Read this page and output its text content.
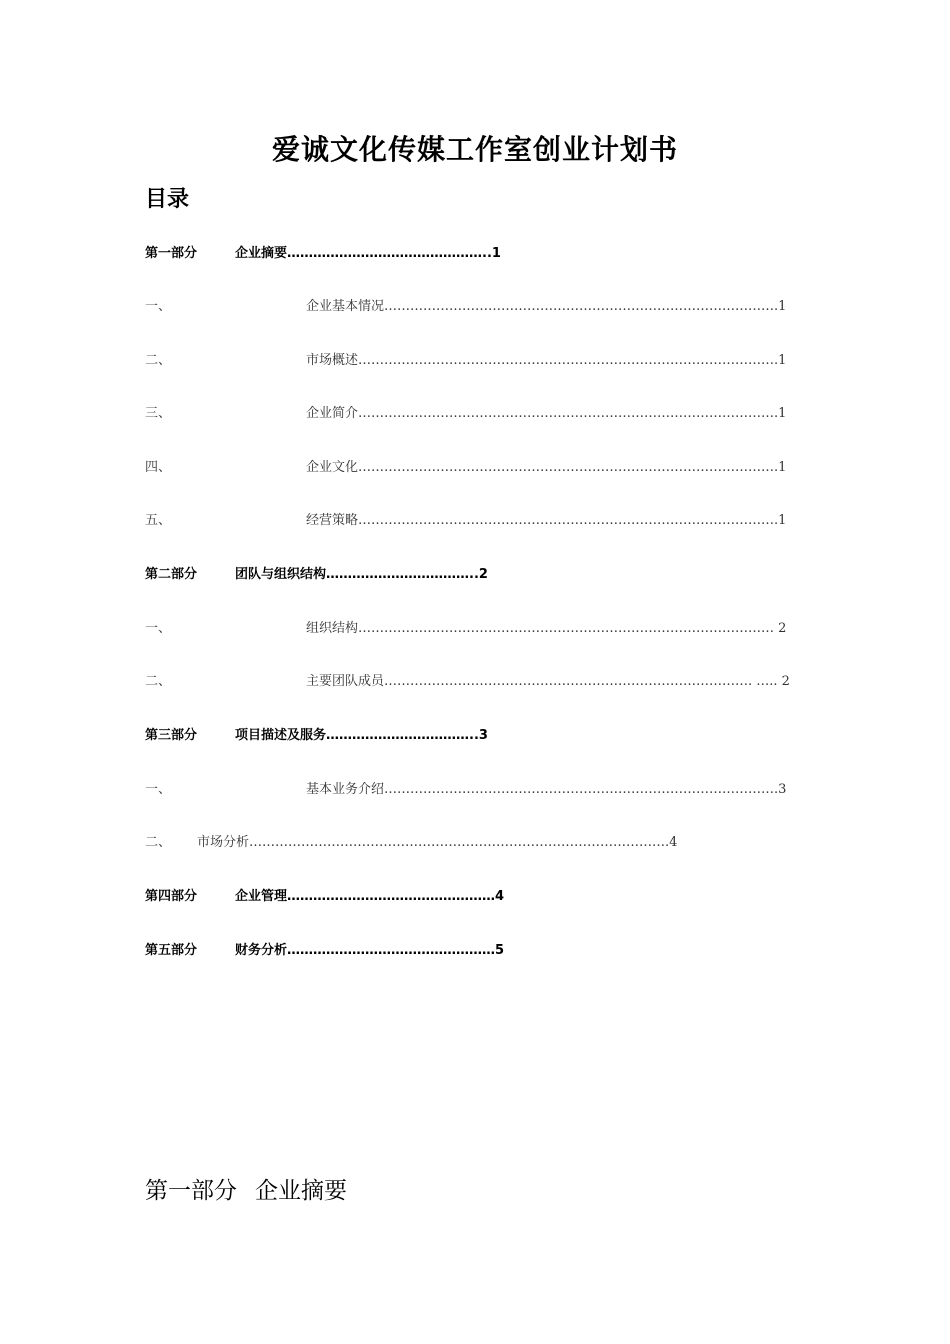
爱诚文化传媒工作室创业计划书
目录
第一部分	企业摘要………………………………………..1
一、	企业基本情况……………………………………………………………………………….1
二、	市场概述…………………………………………………………………………………….1
三、	企业简介…………………………………………………………………………………….1
四、	企业文化…………………………………………………………………………………….1
五、	经营策略…………………………………………………………………………………….1
第二部分	团队与组织结构……………………………..2
一、	组织结构…………………………………………………………………………………… 2
二、	主要团队成员…………………………………………………………………………. ….. 2
第三部分	项目描述及服务……………………………..3
一、	基本业务介绍……………………………………………………………………………….3
二、 市场分析…………………………………………………………………………………….4
第四部分	企业管理…………………………………………4
第五部分	财务分析…………………………………………5
第一部分 企业摘要
